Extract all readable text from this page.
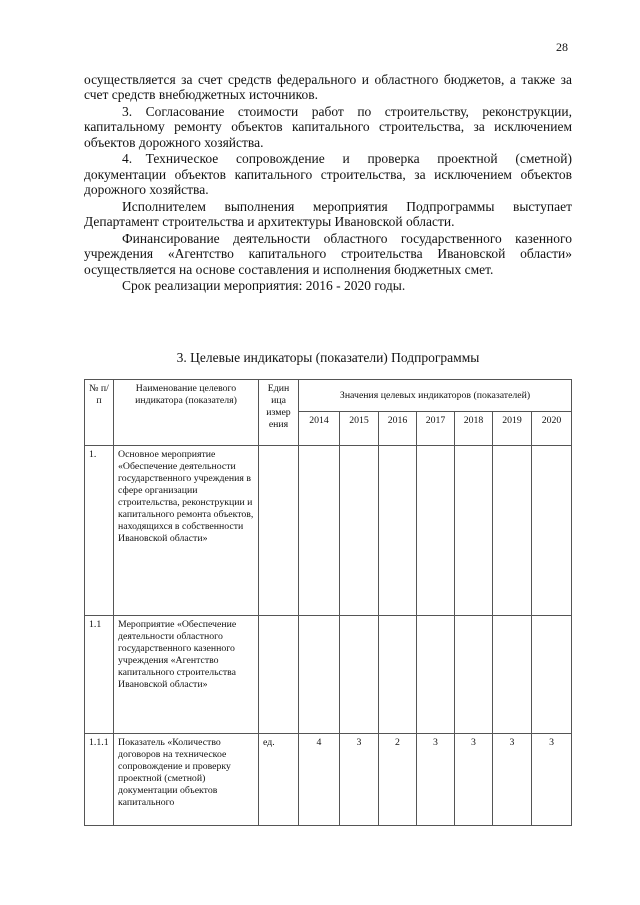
28

осуществляется за счет средств федерального и областного бюджетов, а также за счет средств внебюджетных источников.

3. Согласование стоимости работ по строительству, реконструкции, капитальному ремонту объектов капитального строительства, за исключением объектов дорожного хозяйства.

4. Техническое сопровождение и проверка проектной (сметной) документации объектов капитального строительства, за исключением объектов дорожного хозяйства.

Исполнителем выполнения мероприятия Подпрограммы выступает Департамент строительства и архитектуры Ивановской области.

Финансирование деятельности областного государственного казенного учреждения «Агентство капитального строительства Ивановской области» осуществляется на основе составления и исполнения бюджетных смет.

Срок реализации мероприятия: 2016 - 2020 годы.

3. Целевые индикаторы (показатели) Подпрограммы
№ п/п	Наименование целевого индикатора (показателя)	Един ица измер ения	Значения целевых индикаторов (показателей)						
			2014	2015	2016	2017	2018	2019	2020
1.	Основное мероприятие «Обеспечение деятельности государственного учреждения в сфере организации строительства, реконструкции и капитального ремонта объектов, находящихся в собственности Ивановской области»								
1.1	Мероприятие «Обеспечение деятельности областного государственного казенного учреждения «Агентство капитального строительства Ивановской области»								
1.1.1	Показатель «Количество договоров на техническое сопровождение и проверку проектной (сметной) документации объектов капитального	ед.	4	3	2	3	3	3	3
